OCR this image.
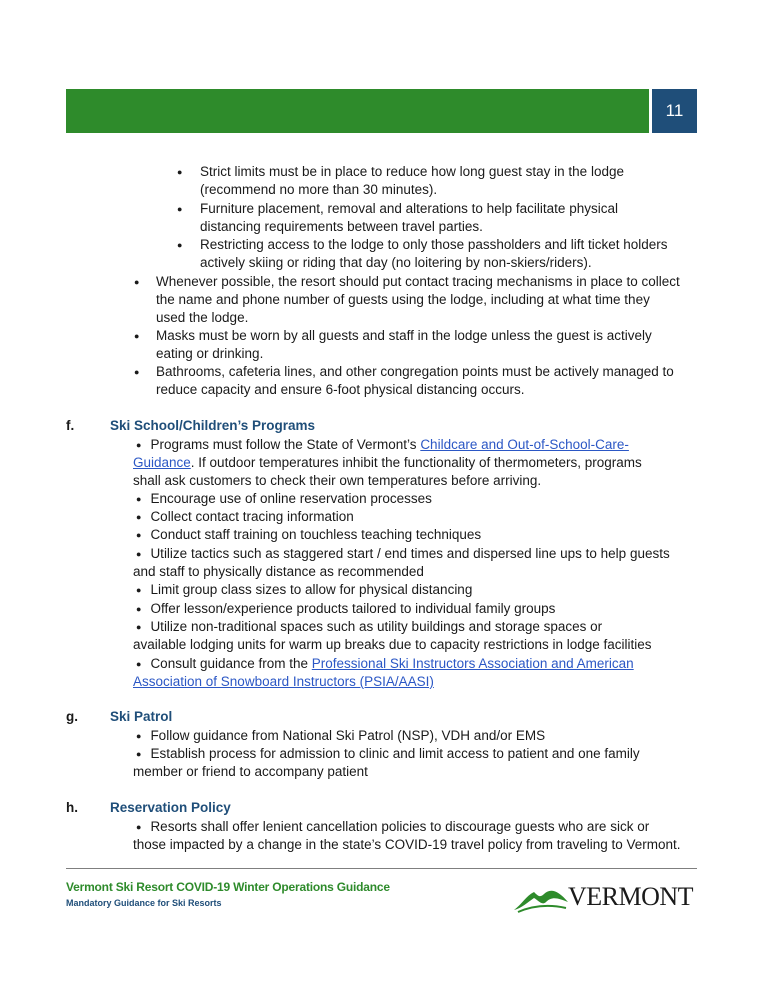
11
● Strict limits must be in place to reduce how long guest stay in the lodge
(recommend no more than 30 minutes).
● Furniture placement, removal and alterations to help facilitate physical
distancing requirements between travel parties.
● Restricting access to the lodge to only those passholders and lift ticket holders
actively skiing or riding that day (no loitering by non-skiers/riders).
● Whenever possible, the resort should put contact tracing mechanisms in place to collect
the name and phone number of guests using the lodge, including at what time they
used the lodge.
● Masks must be worn by all guests and staff in the lodge unless the guest is actively
eating or drinking.
● Bathrooms, cafeteria lines, and other congregation points must be actively managed to
reduce capacity and ensure 6-foot physical distancing occurs.
f.	Ski School/Children’s Programs
● Programs must follow the State of Vermont’s Childcare and Out-of-School-Care-
Guidance. If outdoor temperatures inhibit the functionality of thermometers, programs
shall ask customers to check their own temperatures before arriving.
● Encourage use of online reservation processes
● Collect contact tracing information
● Conduct staff training on touchless teaching techniques
● Utilize tactics such as staggered start / end times and dispersed line ups to help guests
and staff to physically distance as recommended
● Limit group class sizes to allow for physical distancing
● Offer lesson/experience products tailored to individual family groups
● Utilize non-traditional spaces such as utility buildings and storage spaces or
available lodging units for warm up breaks due to capacity restrictions in lodge facilities
● Consult guidance from the Professional Ski Instructors Association and American
Association of Snowboard Instructors (PSIA/AASI)
g. Ski Patrol
● Follow guidance from National Ski Patrol (NSP), VDH and/or EMS
● Establish process for admission to clinic and limit access to patient and one family
member or friend to accompany patient
h. Reservation Policy
● Resorts shall offer lenient cancellation policies to discourage guests who are sick or
those impacted by a change in the state’s COVID-19 travel policy from traveling to Vermont.
Vermont Ski Resort COVID-19 Winter Operations Guidance
Mandatory Guidance for Ski Resorts	VERMONT
